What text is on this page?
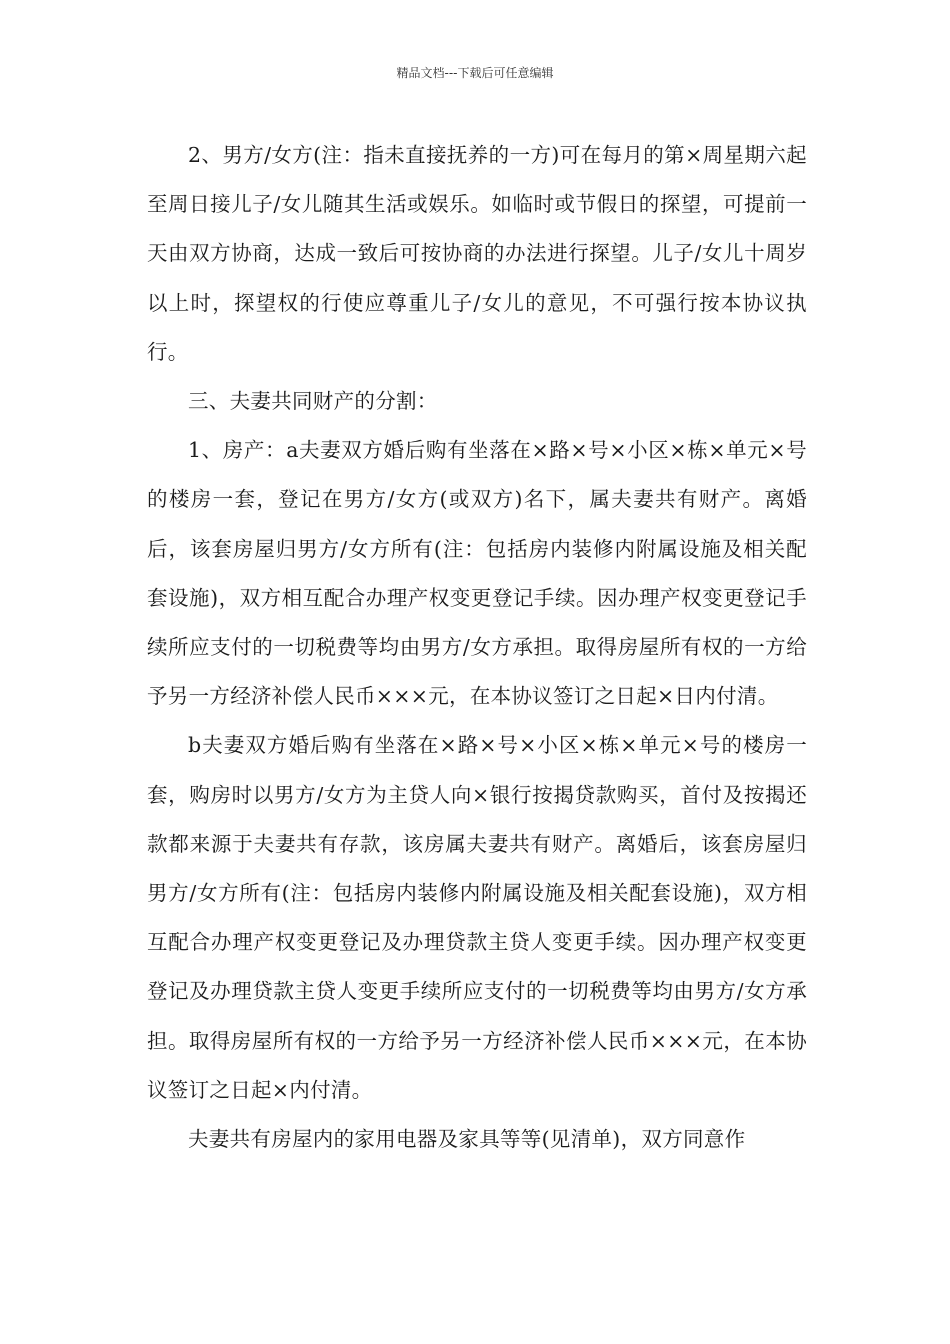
精品文档---下载后可任意编辑

2、男方/女方(注：指未直接抚养的一方)可在每月的第×周星期六起至周日接儿子/女儿随其生活或娱乐。如临时或节假日的探望，可提前一天由双方协商，达成一致后可按协商的办法进行探望。儿子/女儿十周岁以上时，探望权的行使应尊重儿子/女儿的意见，不可强行按本协议执行。

三、夫妻共同财产的分割：

1、房产：a夫妻双方婚后购有坐落在×路×号×小区×栋×单元×号的楼房一套，登记在男方/女方(或双方)名下，属夫妻共有财产。离婚后，该套房屋归男方/女方所有(注：包括房内装修内附属设施及相关配套设施)，双方相互配合办理产权变更登记手续。因办理产权变更登记手续所应支付的一切税费等均由男方/女方承担。取得房屋所有权的一方给予另一方经济补偿人民币×××元，在本协议签订之日起×日内付清。

b夫妻双方婚后购有坐落在×路×号×小区×栋×单元×号的楼房一套，购房时以男方/女方为主贷人向×银行按揭贷款购买，首付及按揭还款都来源于夫妻共有存款，该房属夫妻共有财产。离婚后，该套房屋归男方/女方所有(注：包括房内装修内附属设施及相关配套设施)，双方相互配合办理产权变更登记及办理贷款主贷人变更手续。因办理产权变更登记及办理贷款主贷人变更手续所应支付的一切税费等均由男方/女方承担。取得房屋所有权的一方给予另一方经济补偿人民币×××元，在本协议签订之日起×内付清。

夫妻共有房屋内的家用电器及家具等等(见清单)，双方同意作
